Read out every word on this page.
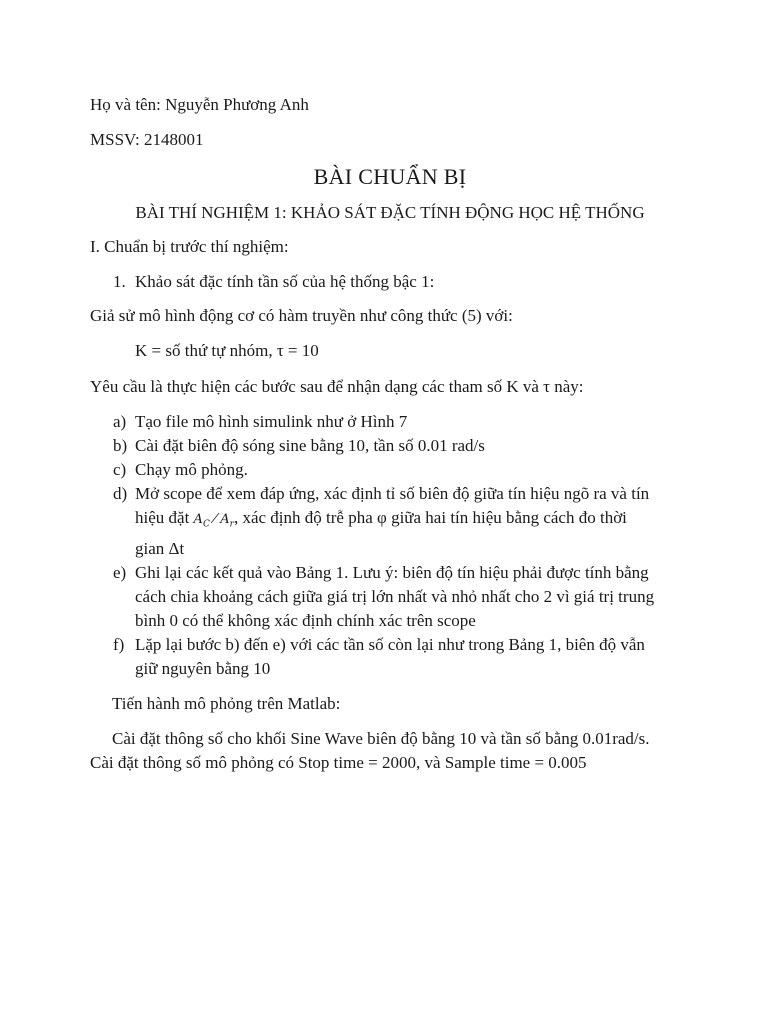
Họ và tên: Nguyễn Phương Anh

MSSV: 2148001

BÀI CHUẨN BỊ

BÀI THÍ NGHIỆM 1: KHẢO SÁT ĐẶC TÍNH ĐỘNG HỌC HỆ THỐNG

I. Chuẩn bị trước thí nghiệm:

1. Khảo sát đặc tính tần số của hệ thống bậc 1:

Giả sử mô hình động cơ có hàm truyền như công thức (5) với:

K = số thứ tự nhóm, τ = 10

Yêu cầu là thực hiện các bước sau để nhận dạng các tham số K và τ này:

a) Tạo file mô hình simulink như ở Hình 7
b) Cài đặt biên độ sóng sine bằng 10, tần số 0.01 rad/s
c) Chạy mô phỏng.
d) Mở scope để xem đáp ứng, xác định tỉ số biên độ giữa tín hiệu ngõ ra và tín
hiệu đặt $A_C$ ⁄ $A_r$, xác định độ trễ pha φ giữa hai tín hiệu bằng cách đo thời
gian Δt
e) Ghi lại các kết quả vào Bảng 1. Lưu ý: biên độ tín hiệu phải được tính bằng
cách chia khoảng cách giữa giá trị lớn nhất và nhỏ nhất cho 2 vì giá trị trung
bình 0 có thể không xác định chính xác trên scope
f) Lặp lại bước b) đến e) với các tần số còn lại như trong Bảng 1, biên độ vẫn
giữ nguyên bằng 10

Tiến hành mô phỏng trên Matlab:

Cài đặt thông số cho khối Sine Wave biên độ bằng 10 và tần số bằng 0.01rad/s.
Cài đặt thông số mô phỏng có Stop time = 2000, và Sample time = 0.005
